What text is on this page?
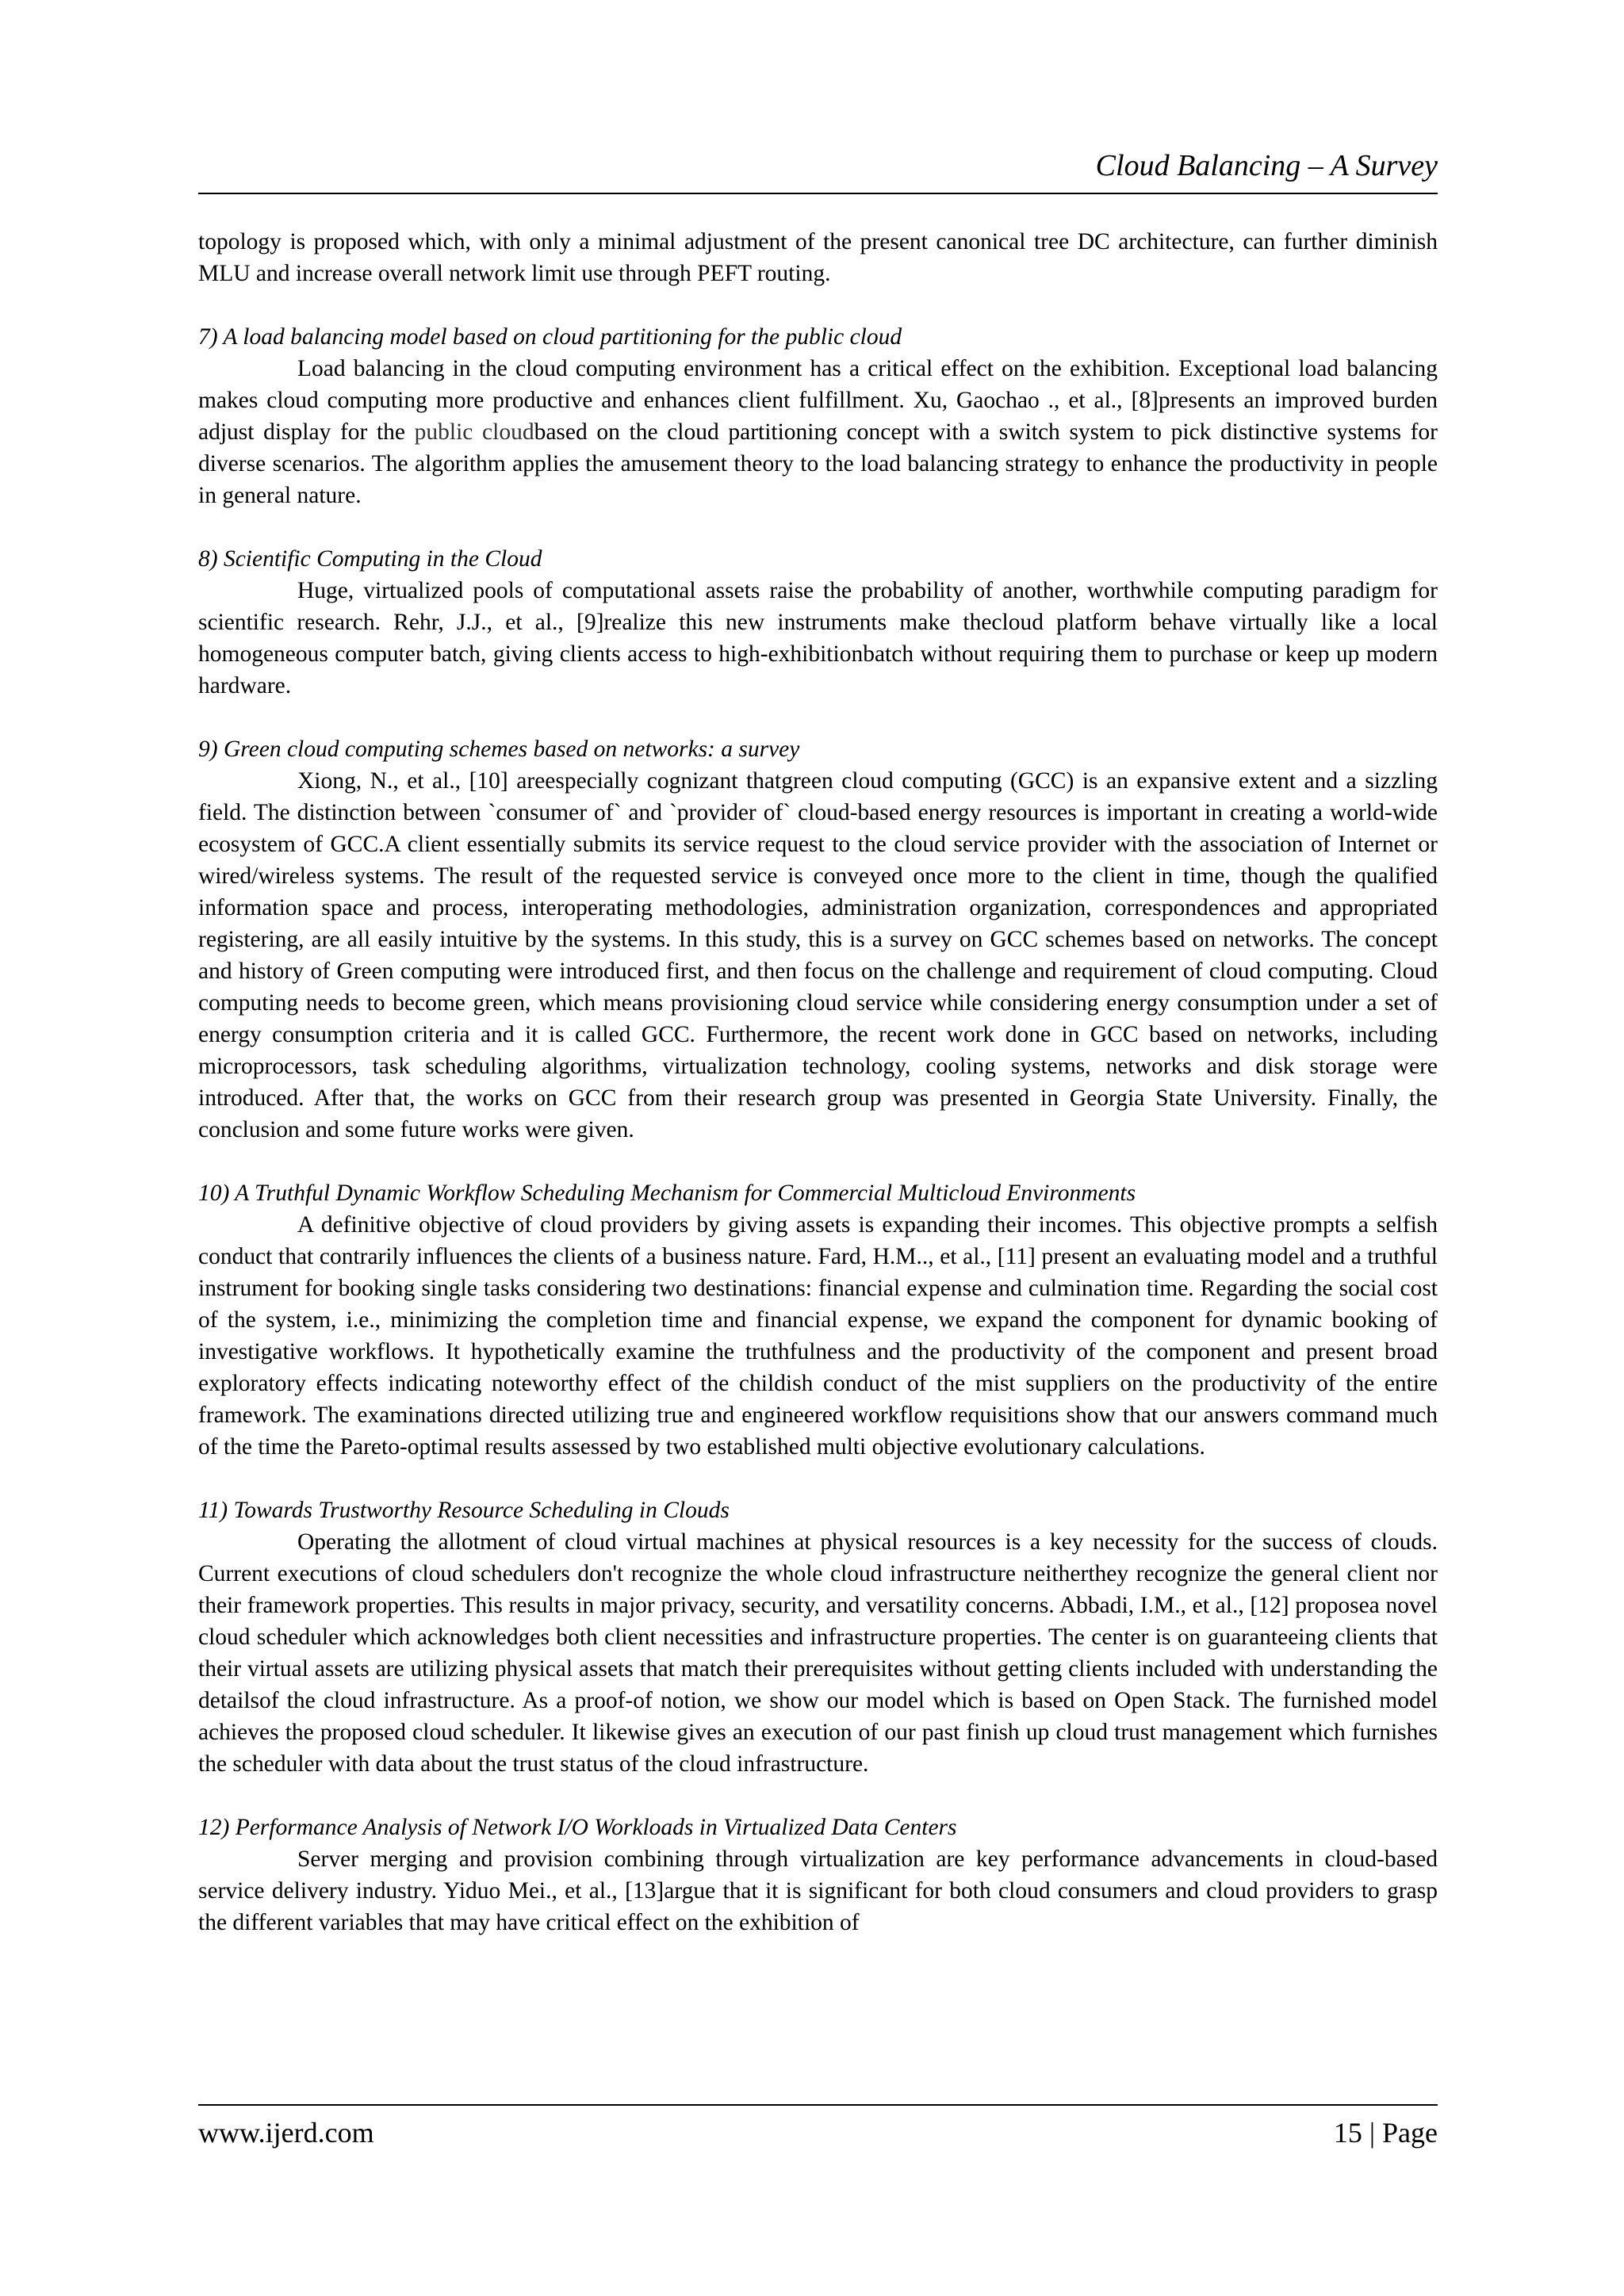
Cloud Balancing – A Survey

topology is proposed which, with only a minimal adjustment of the present canonical tree DC architecture, can further diminish MLU and increase overall network limit use through PEFT routing.

7) A load balancing model based on cloud partitioning for the public cloud

Load balancing in the cloud computing environment has a critical effect on the exhibition. Exceptional load balancing makes cloud computing more productive and enhances client fulfillment. Xu, Gaochao ., et al., [8]presents an improved burden adjust display for the public cloudbased on the cloud partitioning concept with a switch system to pick distinctive systems for diverse scenarios. The algorithm applies the amusement theory to the load balancing strategy to enhance the productivity in people in general nature.

8) Scientific Computing in the Cloud

Huge, virtualized pools of computational assets raise the probability of another, worthwhile computing paradigm for scientific research. Rehr, J.J., et al., [9]realize this new instruments make thecloud platform behave virtually like a local homogeneous computer batch, giving clients access to high-exhibitionbatch without requiring them to purchase or keep up modern hardware.

9) Green cloud computing schemes based on networks: a survey

Xiong, N., et al., [10] areespecially cognizant thatgreen cloud computing (GCC) is an expansive extent and a sizzling field. The distinction between `consumer of` and `provider of` cloud-based energy resources is important in creating a world-wide ecosystem of GCC.A client essentially submits its service request to the cloud service provider with the association of Internet or wired/wireless systems. The result of the requested service is conveyed once more to the client in time, though the qualified information space and process, interoperating methodologies, administration organization, correspondences and appropriated registering, are all easily intuitive by the systems. In this study, this is a survey on GCC schemes based on networks. The concept and history of Green computing were introduced first, and then focus on the challenge and requirement of cloud computing. Cloud computing needs to become green, which means provisioning cloud service while considering energy consumption under a set of energy consumption criteria and it is called GCC. Furthermore, the recent work done in GCC based on networks, including microprocessors, task scheduling algorithms, virtualization technology, cooling systems, networks and disk storage were introduced. After that, the works on GCC from their research group was presented in Georgia State University. Finally, the conclusion and some future works were given.

10) A Truthful Dynamic Workflow Scheduling Mechanism for Commercial Multicloud Environments

A definitive objective of cloud providers by giving assets is expanding their incomes. This objective prompts a selfish conduct that contrarily influences the clients of a business nature. Fard, H.M.., et al., [11] present an evaluating model and a truthful instrument for booking single tasks considering two destinations: financial expense and culmination time. Regarding the social cost of the system, i.e., minimizing the completion time and financial expense, we expand the component for dynamic booking of investigative workflows. It hypothetically examine the truthfulness and the productivity of the component and present broad exploratory effects indicating noteworthy effect of the childish conduct of the mist suppliers on the productivity of the entire framework. The examinations directed utilizing true and engineered workflow requisitions show that our answers command much of the time the Pareto-optimal results assessed by two established multi objective evolutionary calculations.

11) Towards Trustworthy Resource Scheduling in Clouds

Operating the allotment of cloud virtual machines at physical resources is a key necessity for the success of clouds. Current executions of cloud schedulers don't recognize the whole cloud infrastructure neitherthey recognize the general client nor their framework properties. This results in major privacy, security, and versatility concerns. Abbadi, I.M., et al., [12] proposea novel cloud scheduler which acknowledges both client necessities and infrastructure properties. The center is on guaranteeing clients that their virtual assets are utilizing physical assets that match their prerequisites without getting clients included with understanding the detailsof the cloud infrastructure. As a proof-of notion, we show our model which is based on Open Stack. The furnished model achieves the proposed cloud scheduler. It likewise gives an execution of our past finish up cloud trust management which furnishes the scheduler with data about the trust status of the cloud infrastructure.

12) Performance Analysis of Network I/O Workloads in Virtualized Data Centers

Server merging and provision combining through virtualization are key performance advancements in cloud-based service delivery industry. Yiduo Mei., et al., [13]argue that it is significant for both cloud consumers and cloud providers to grasp the different variables that may have critical effect on the exhibition of

www.ijerd.com	15 | Page
